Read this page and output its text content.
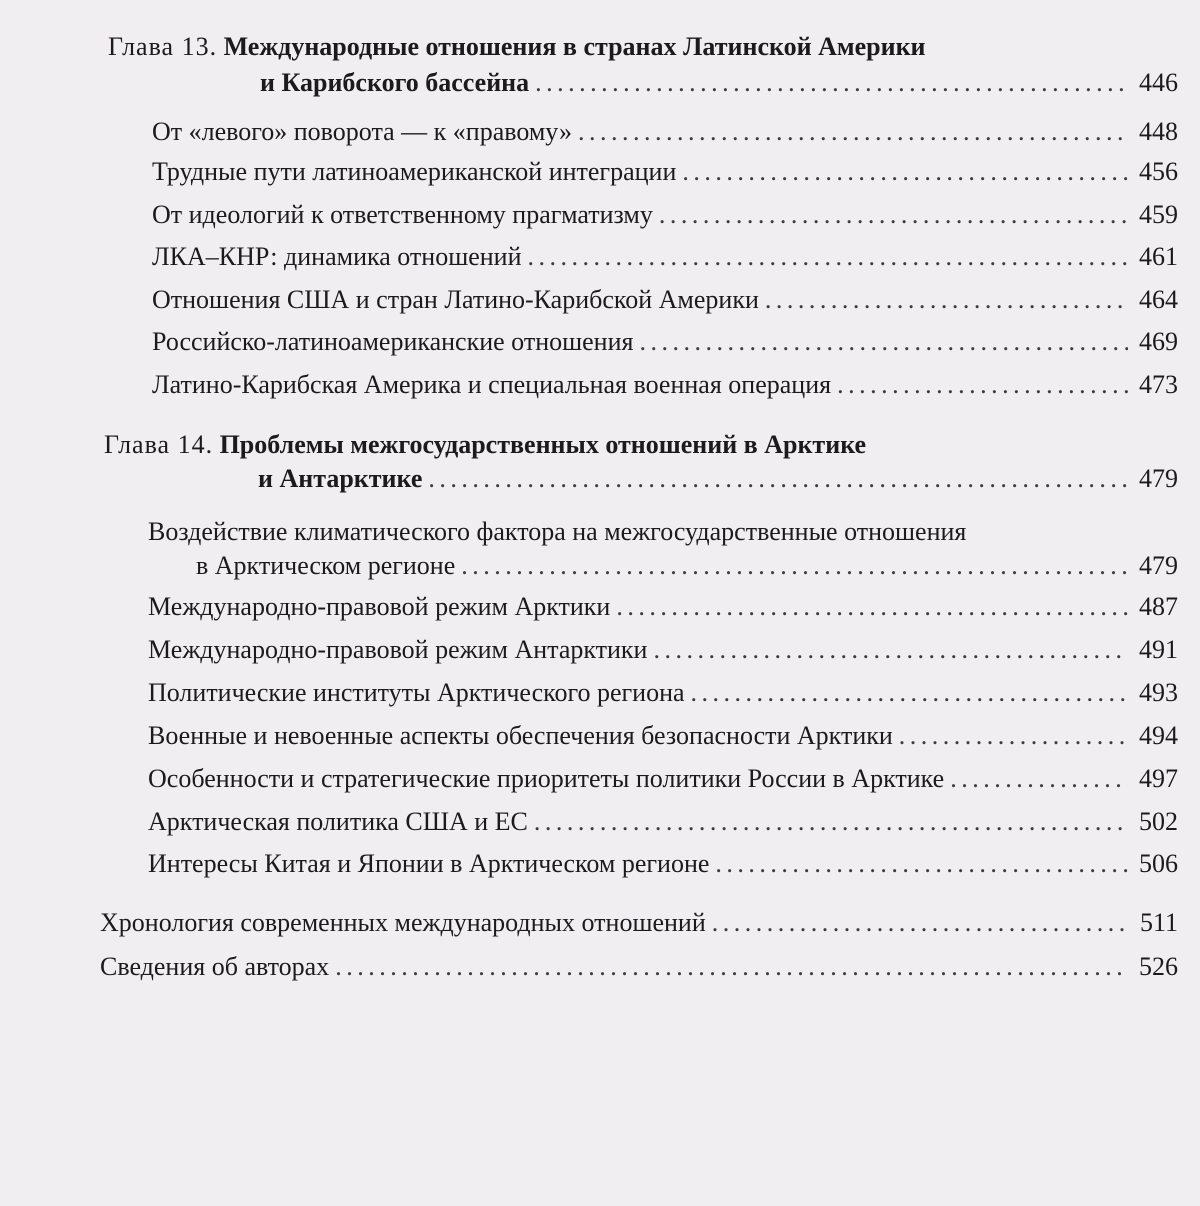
Глава 13. Международные отношения в странах Латинской Америки
и Карибского бассейна . . .	446
От «левого» поворота — к «правому» . . .	448
Трудные пути латиноамериканской интеграции . . .	456
От идеологий к ответственному прагматизму . . .	459
ЛКА–КНР: динамика отношений . . .	461
Отношения США и стран Латино-Карибской Америки . . .	464
Российско-латиноамериканские отношения . . .	469
Латино-Карибская Америка и специальная военная операция . . .	473
Глава 14. Проблемы межгосударственных отношений в Арктике
и Антарктике . . .	479
Воздействие климатического фактора на межгосударственные отношения
в Арктическом регионе . . .	479
Международно-правовой режим Арктики . . .	487
Международно-правовой режим Антарктики . . .	491
Политические институты Арктического региона . . .	493
Военные и невоенные аспекты обеспечения безопасности Арктики . . .	494
Особенности и стратегические приоритеты политики России в Арктике . . .	497
Арктическая политика США и ЕС . . .	502
Интересы Китая и Японии в Арктическом регионе . . .	506
Хронология современных международных отношений . . .	511
Сведения об авторах . . .	526
